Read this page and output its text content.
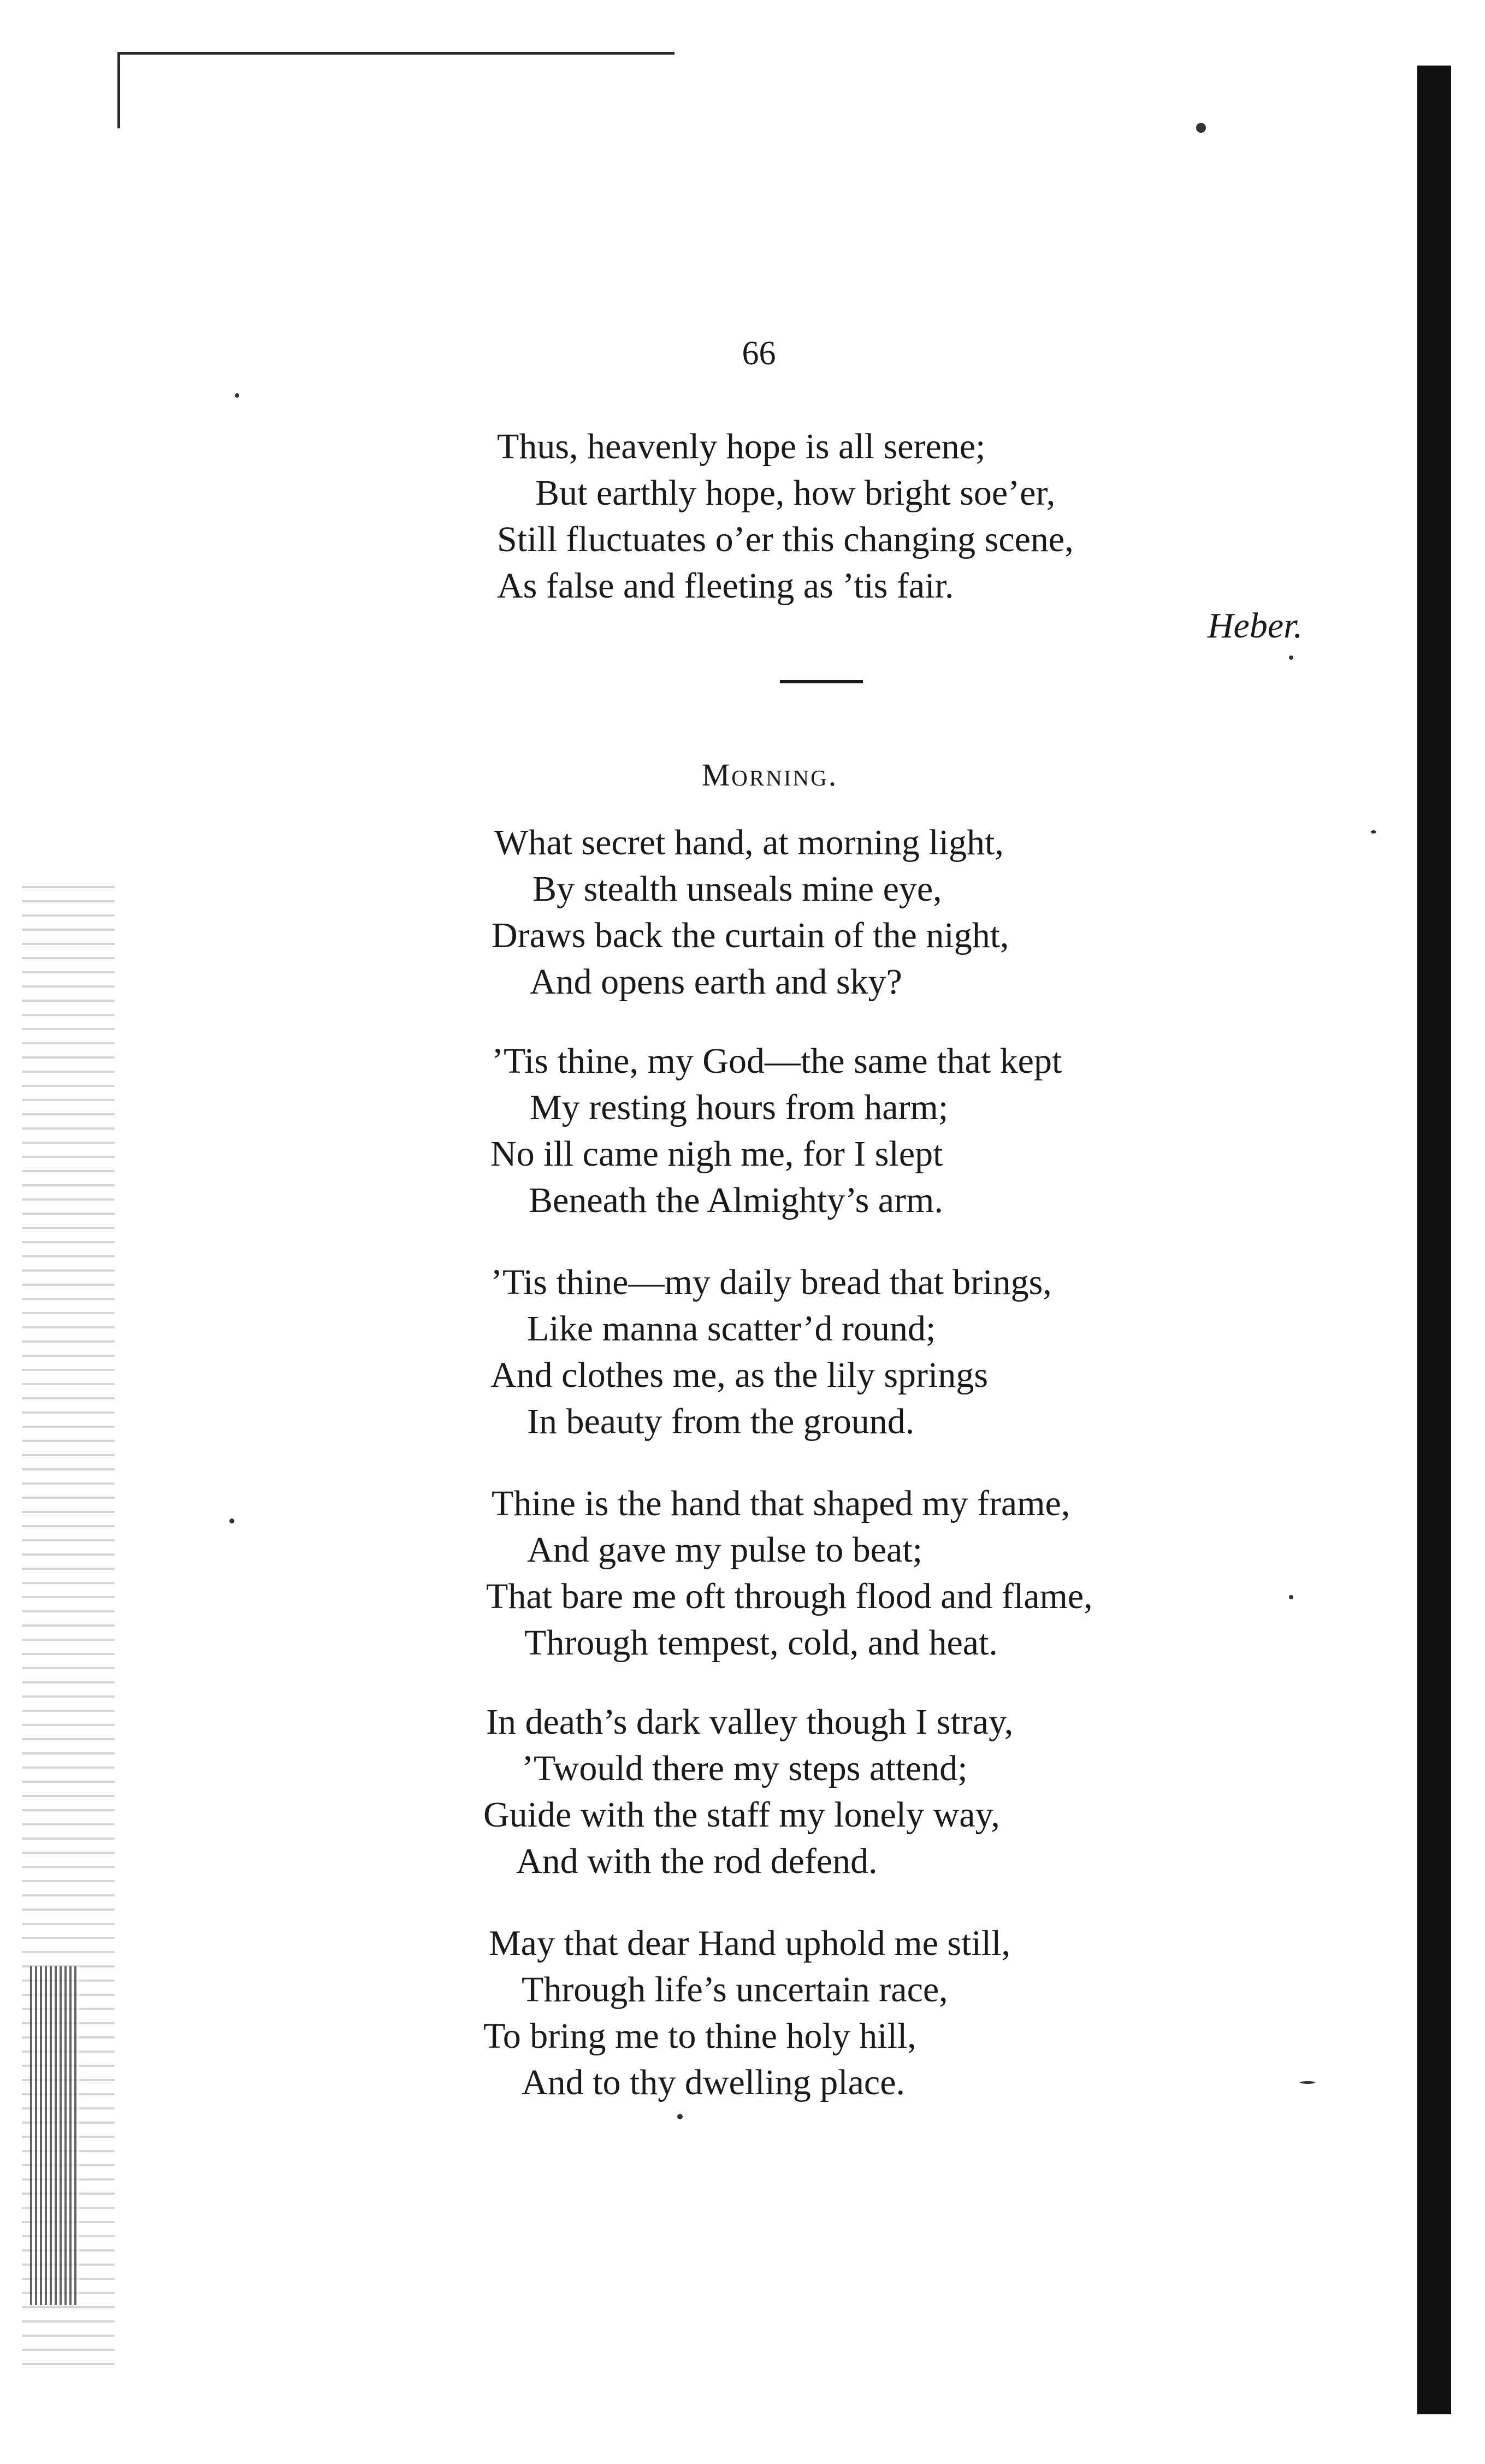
66
Thus, heavenly hope is all serene;
But earthly hope, how bright soe’er,
Still fluctuates o’er this changing scene,
As false and fleeting as ’tis fair.
Heber.
Morning.
What secret hand, at morning light,
By stealth unseals mine eye,
Draws back the curtain of the night,
And opens earth and sky?
’Tis thine, my God—the same that kept
My resting hours from harm;
No ill came nigh me, for I slept
Beneath the Almighty’s arm.
’Tis thine—my daily bread that brings,
Like manna scatter’d round;
And clothes me, as the lily springs
In beauty from the ground.
Thine is the hand that shaped my frame,
And gave my pulse to beat;
That bare me oft through flood and flame,
Through tempest, cold, and heat.
In death’s dark valley though I stray,
’Twould there my steps attend;
Guide with the staff my lonely way,
And with the rod defend.
May that dear Hand uphold me still,
Through life’s uncertain race,
To bring me to thine holy hill,
And to thy dwelling place.
